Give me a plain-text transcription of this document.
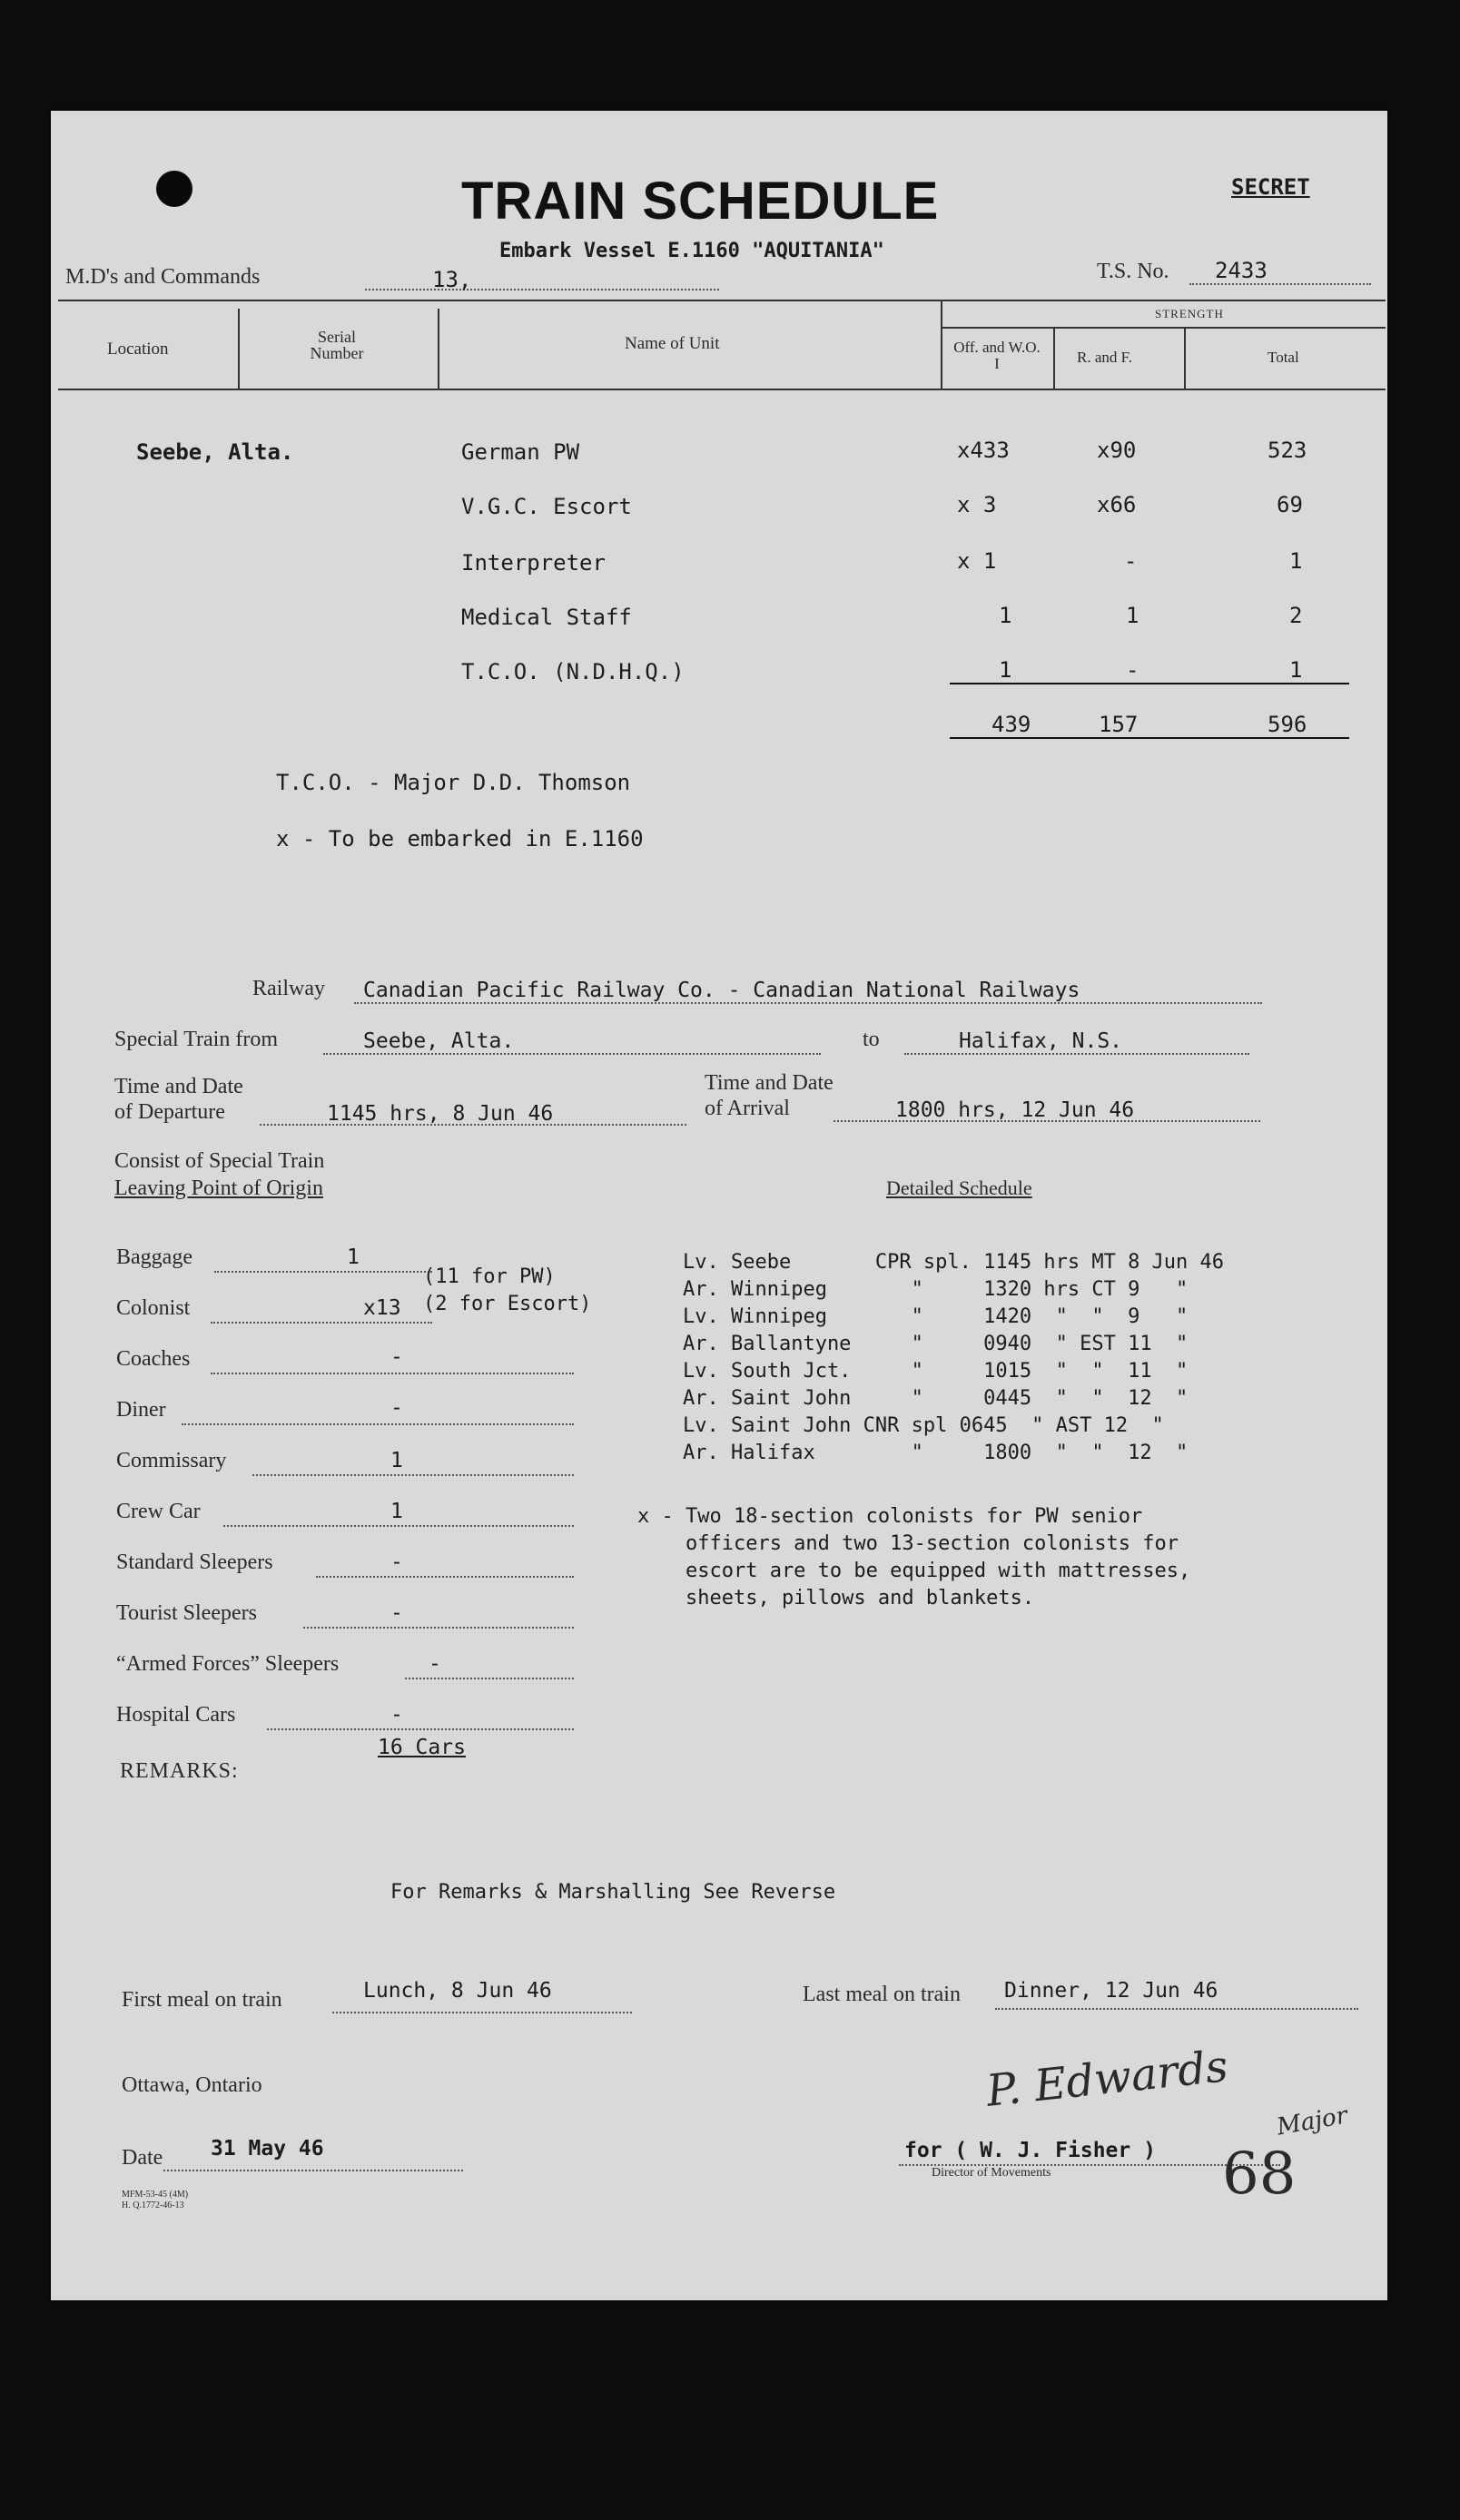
TRAIN SCHEDULE	SECRET
Embark Vessel E.1160 "AQUITANIA"
M.D's and Commands	13,	T.S. No. 2433
Location
Serial Number	Name of Unit
STRENGTH
Off. and W.O. I	R. and F.	Total
Seebe, Alta.	German PW	x433	x90	523
V.G.C. Escort	x 3	x66	69
Interpreter	x 1	-	1
Medical Staff	1	1	2
T.C.O. (N.D.H.Q.)	1	-	1
439	157	596
T.C.O. - Major D.D. Thomson
x - To be embarked in E.1160
Railway Canadian Pacific Railway Co. - Canadian National Railways
Special Train from	Seebe, Alta.	to	Halifax, N.S.
Time and Date
of Departure	1145 hrs, 8 Jun 46
Time and Date
of Arrival	1800 hrs, 12 Jun 46
Consist of Special Train
Leaving Point of Origin	Detailed Schedule
Baggage	1
Colonist	x13
(11 for PW)
(2 for Escort)
Coaches	-
Diner	-
Commissary	1
Crew Car	1
Standard Sleepers	-
Tourist Sleepers	-
“Armed Forces” Sleepers	-
Hospital Cars	-
16 Cars
REMARKS:
Lv. Seebe       CPR spl. 1145 hrs MT 8 Jun 46
Ar. Winnipeg       "     1320 hrs CT 9   "
Lv. Winnipeg       "     1420  "  "  9   "
Ar. Ballantyne     "     0940  " EST 11  "
Lv. South Jct.     "     1015  "  "  11  "
Ar. Saint John     "     0445  "  "  12  "
Lv. Saint John CNR spl 0645  " AST 12  "
Ar. Halifax        "     1800  "  "  12  "
x - Two 18-section colonists for PW senior
officers and two 13-section colonists for
escort are to be equipped with mattresses,
sheets, pillows and blankets.
For Remarks & Marshalling See Reverse
First meal on train	Lunch, 8 Jun 46	Last meal on train Dinner, 12 Jun 46
Ottawa, Ontario
Date 31 May 46
P. Edwards
Major
for ( W. J. Fisher )
Director of Movements	68
MFM-53-45 (4M)
H. Q.1772-46-13
